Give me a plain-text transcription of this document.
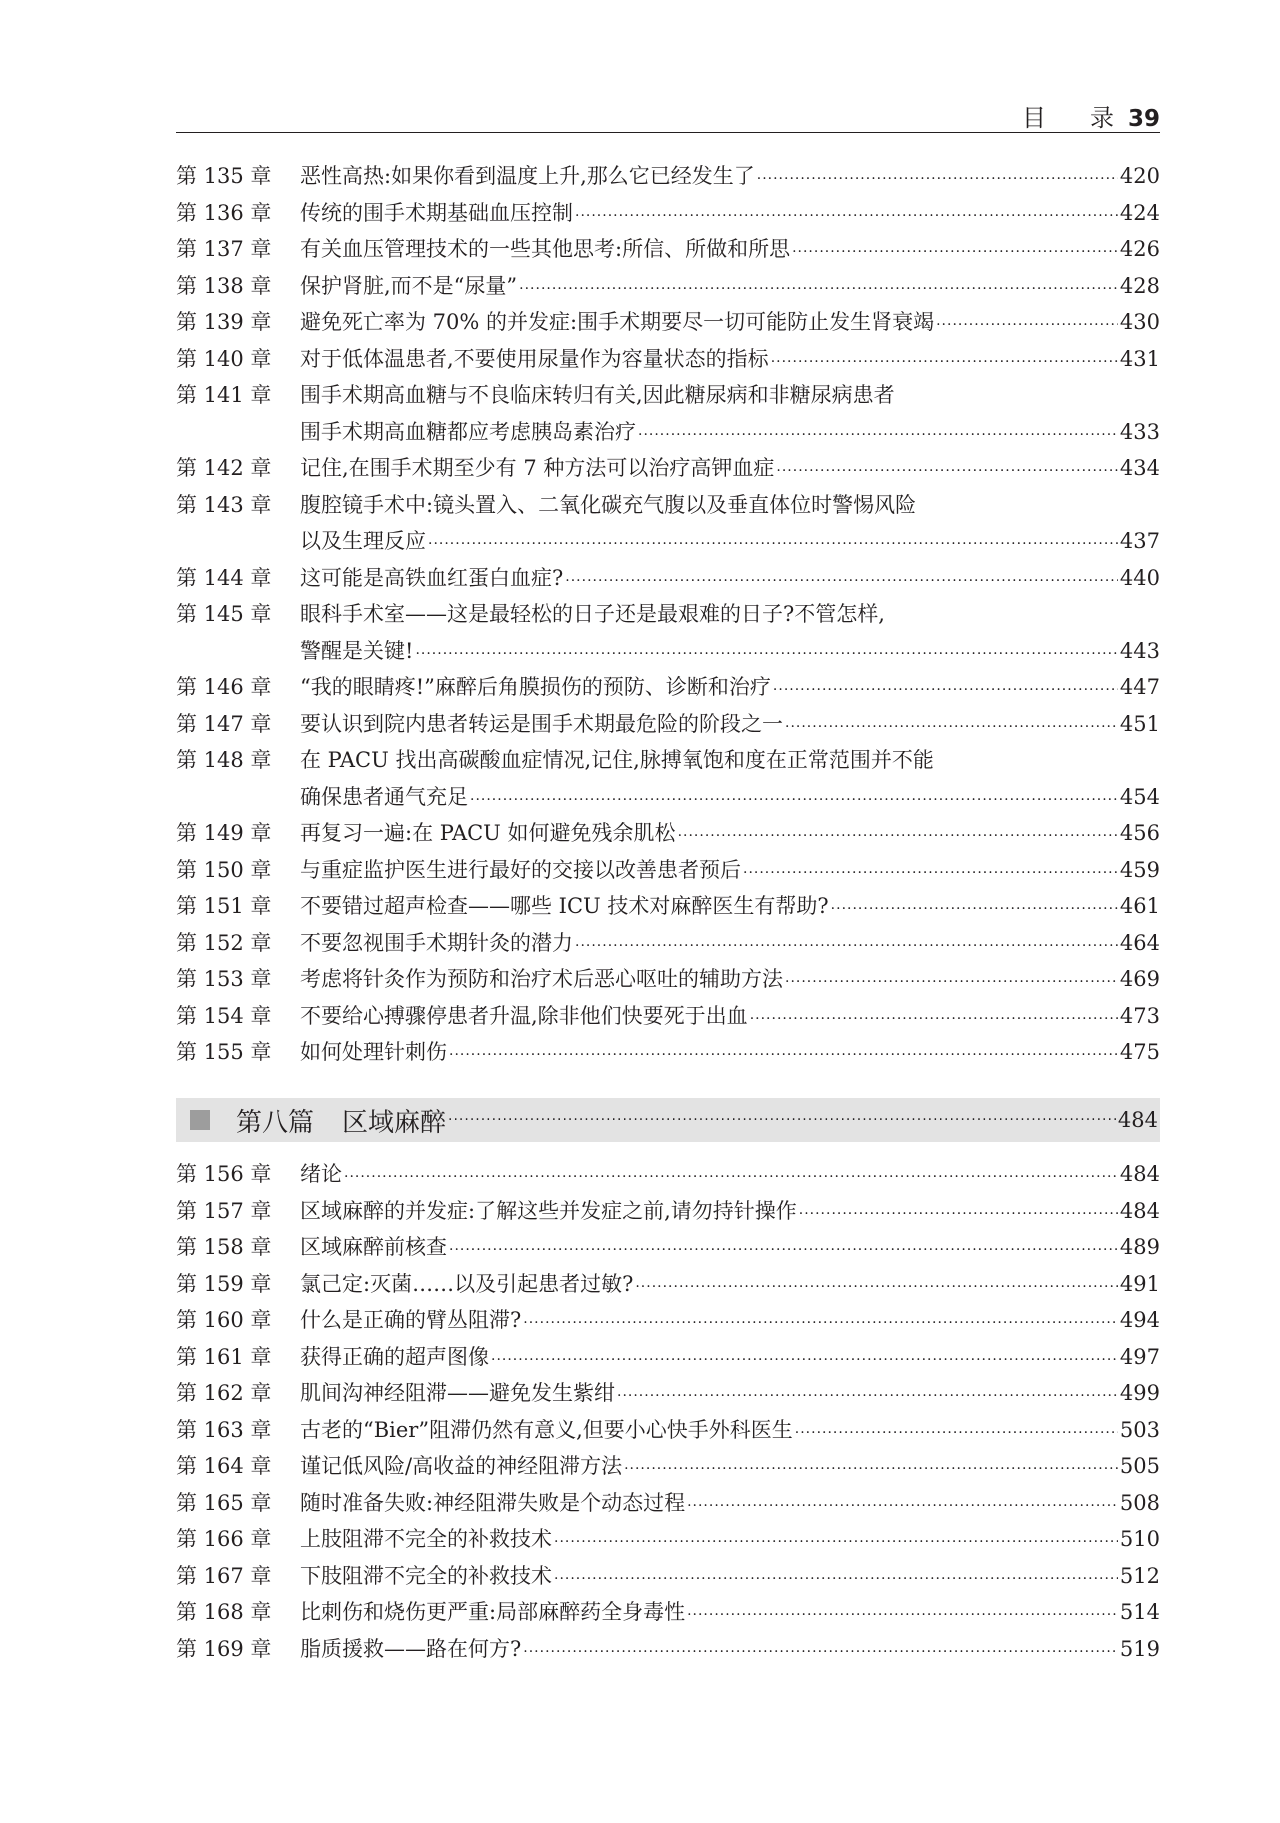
目 录 39
第 135 章	恶性高热:如果你看到温度上升,那么它已经发生了 ·····	420
第 136 章	传统的围手术期基础血压控制 ·····	424
第 137 章	有关血压管理技术的一些其他思考:所信、所做和所思 ·····	426
第 138 章	保护肾脏,而不是“尿量” ·····	428
第 139 章	避免死亡率为 70% 的并发症:围手术期要尽一切可能防止发生肾衰竭 ·····	430
第 140 章	对于低体温患者,不要使用尿量作为容量状态的指标 ·····	431
第 141 章	围手术期高血糖与不良临床转归有关,因此糖尿病和非糖尿病患者
围手术期高血糖都应考虑胰岛素治疗 ·····	433
第 142 章	记住,在围手术期至少有 7 种方法可以治疗高钾血症 ·····	434
第 143 章	腹腔镜手术中:镜头置入、二氧化碳充气腹以及垂直体位时警惕风险
以及生理反应 ·····	437
第 144 章	这可能是高铁血红蛋白血症? ·····	440
第 145 章	眼科手术室——这是最轻松的日子还是最艰难的日子?不管怎样,
警醒是关键! ·····	443
第 146 章	“我的眼睛疼!”麻醉后角膜损伤的预防、诊断和治疗 ·····	447
第 147 章	要认识到院内患者转运是围手术期最危险的阶段之一 ·····	451
第 148 章	在 PACU 找出高碳酸血症情况,记住,脉搏氧饱和度在正常范围并不能
确保患者通气充足 ·····	454
第 149 章	再复习一遍:在 PACU 如何避免残余肌松 ·····	456
第 150 章	与重症监护医生进行最好的交接以改善患者预后 ·····	459
第 151 章	不要错过超声检查——哪些 ICU 技术对麻醉医生有帮助? ·····	461
第 152 章	不要忽视围手术期针灸的潜力 ·····	464
第 153 章	考虑将针灸作为预防和治疗术后恶心呕吐的辅助方法 ·····	469
第 154 章	不要给心搏骤停患者升温,除非他们快要死于出血 ·····	473
第 155 章	如何处理针刺伤 ·····	475
第八篇 区域麻醉 ·····	484
第 156 章	绪论 ·····	484
第 157 章	区域麻醉的并发症:了解这些并发症之前,请勿持针操作 ·····	484
第 158 章	区域麻醉前核查 ·····	489
第 159 章	氯己定:灭菌……以及引起患者过敏? ·····	491
第 160 章	什么是正确的臂丛阻滞? ·····	494
第 161 章	获得正确的超声图像 ·····	497
第 162 章	肌间沟神经阻滞——避免发生紫绀 ·····	499
第 163 章	古老的“Bier”阻滞仍然有意义,但要小心快手外科医生 ·····	503
第 164 章	谨记低风险/高收益的神经阻滞方法 ·····	505
第 165 章	随时准备失败:神经阻滞失败是个动态过程 ·····	508
第 166 章	上肢阻滞不完全的补救技术 ·····	510
第 167 章	下肢阻滞不完全的补救技术 ·····	512
第 168 章	比刺伤和烧伤更严重:局部麻醉药全身毒性 ·····	514
第 169 章	脂质援救——路在何方? ·····	519
